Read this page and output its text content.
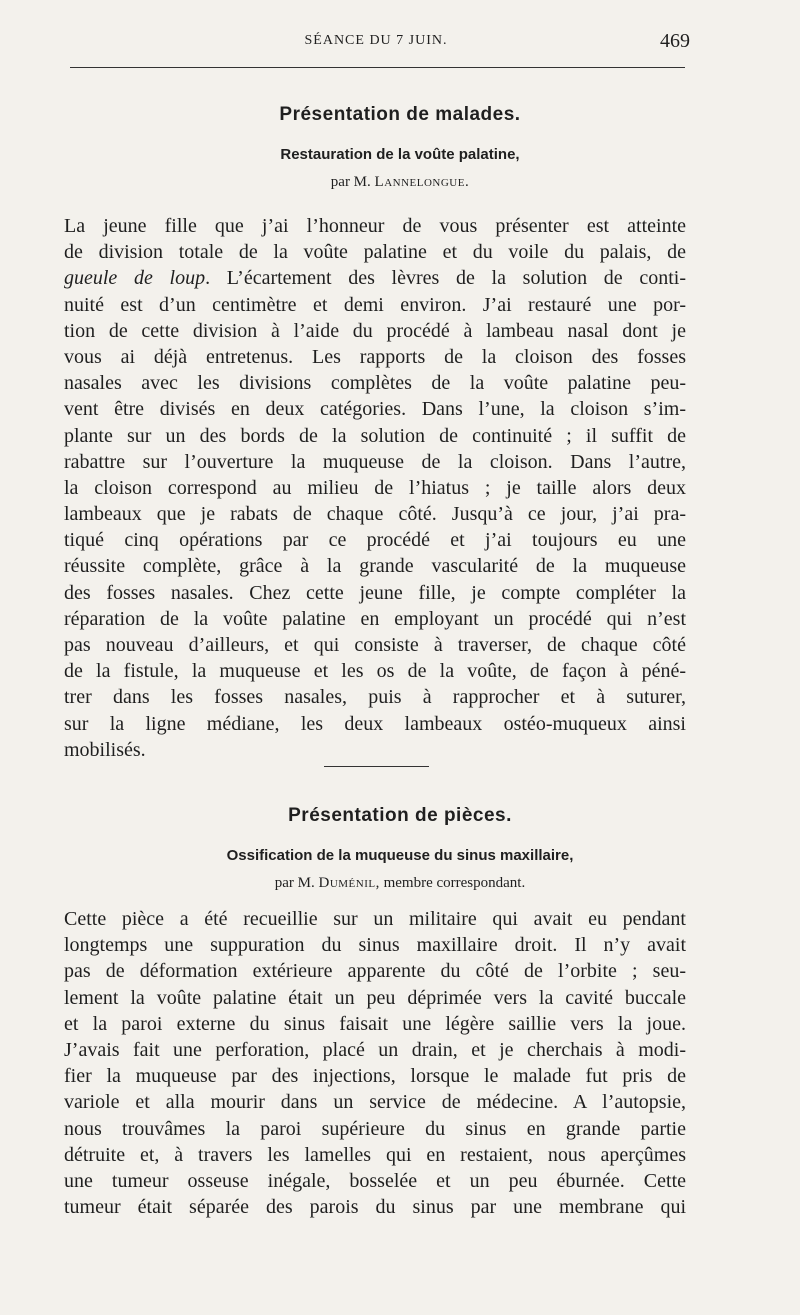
SÉANCE DU 7 JUIN.	469
Présentation de malades.
Restauration de la voûte palatine,
par M. Lannelongue.
La jeune fille que j’ai l’honneur de vous présenter est atteinte
de division totale de la voûte palatine et du voile du palais, de
gueule de loup. L’écartement des lèvres de la solution de conti-
nuité est d’un centimètre et demi environ. J’ai restauré une por-
tion de cette division à l’aide du procédé à lambeau nasal dont je
vous ai déjà entretenus. Les rapports de la cloison des fosses
nasales avec les divisions complètes de la voûte palatine peu-
vent être divisés en deux catégories. Dans l’une, la cloison s’im-
plante sur un des bords de la solution de continuité ; il suffit de
rabattre sur l’ouverture la muqueuse de la cloison. Dans l’autre,
la cloison correspond au milieu de l’hiatus ; je taille alors deux
lambeaux que je rabats de chaque côté. Jusqu’à ce jour, j’ai pra-
tiqué cinq opérations par ce procédé et j’ai toujours eu une
réussite complète, grâce à la grande vascularité de la muqueuse
des fosses nasales. Chez cette jeune fille, je compte compléter la
réparation de la voûte palatine en employant un procédé qui n’est
pas nouveau d’ailleurs, et qui consiste à traverser, de chaque côté
de la fistule, la muqueuse et les os de la voûte, de façon à péné-
trer dans les fosses nasales, puis à rapprocher et à suturer,
sur la ligne médiane, les deux lambeaux ostéo-muqueux ainsi
mobilisés.
Présentation de pièces.
Ossification de la muqueuse du sinus maxillaire,
par M. Duménil, membre correspondant.
Cette pièce a été recueillie sur un militaire qui avait eu pendant
longtemps une suppuration du sinus maxillaire droit. Il n’y avait
pas de déformation extérieure apparente du côté de l’orbite ; seu-
lement la voûte palatine était un peu déprimée vers la cavité buccale
et la paroi externe du sinus faisait une légère saillie vers la joue.
J’avais fait une perforation, placé un drain, et je cherchais à modi-
fier la muqueuse par des injections, lorsque le malade fut pris de
variole et alla mourir dans un service de médecine. A l’autopsie,
nous trouvâmes la paroi supérieure du sinus en grande partie
détruite et, à travers les lamelles qui en restaient, nous aperçûmes
une tumeur osseuse inégale, bosselée et un peu éburnée. Cette
tumeur était séparée des parois du sinus par une membrane qui
